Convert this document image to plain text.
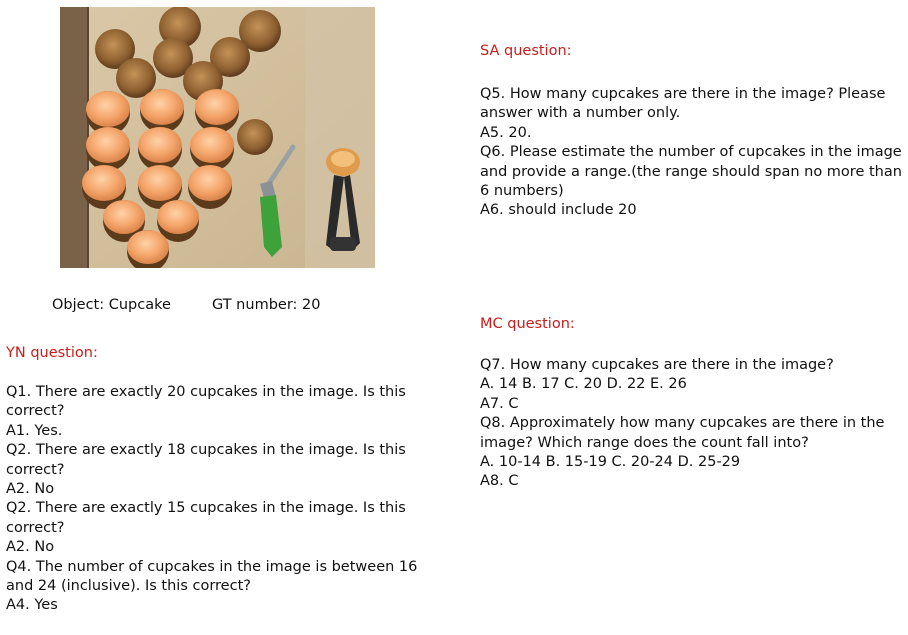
Object: Cupcake	GT number: 20
YN question:
Q1. There are exactly 20 cupcakes in the image. Is this correct?
A1. Yes.
Q2. There are exactly 18 cupcakes in the image. Is this correct?
A2. No
Q2. There are exactly 15 cupcakes in the image. Is this correct?
A2. No
Q4. The number of cupcakes in the image is between 16 and 24 (inclusive). Is this correct?
A4. Yes
SA question:
Q5. How many cupcakes are there in the image? Please answer with a number only.
A5. 20.
Q6. Please estimate the number of cupcakes in the image and provide a range.(the range should span no more than 6 numbers)
A6. should include 20
MC question:
Q7. How many cupcakes are there in the image?
A. 14 B. 17 C. 20 D. 22 E. 26
A7. C
Q8. Approximately how many cupcakes are there in the image? Which range does the count fall into?
A. 10-14 B. 15-19 C. 20-24 D. 25-29
A8. C
